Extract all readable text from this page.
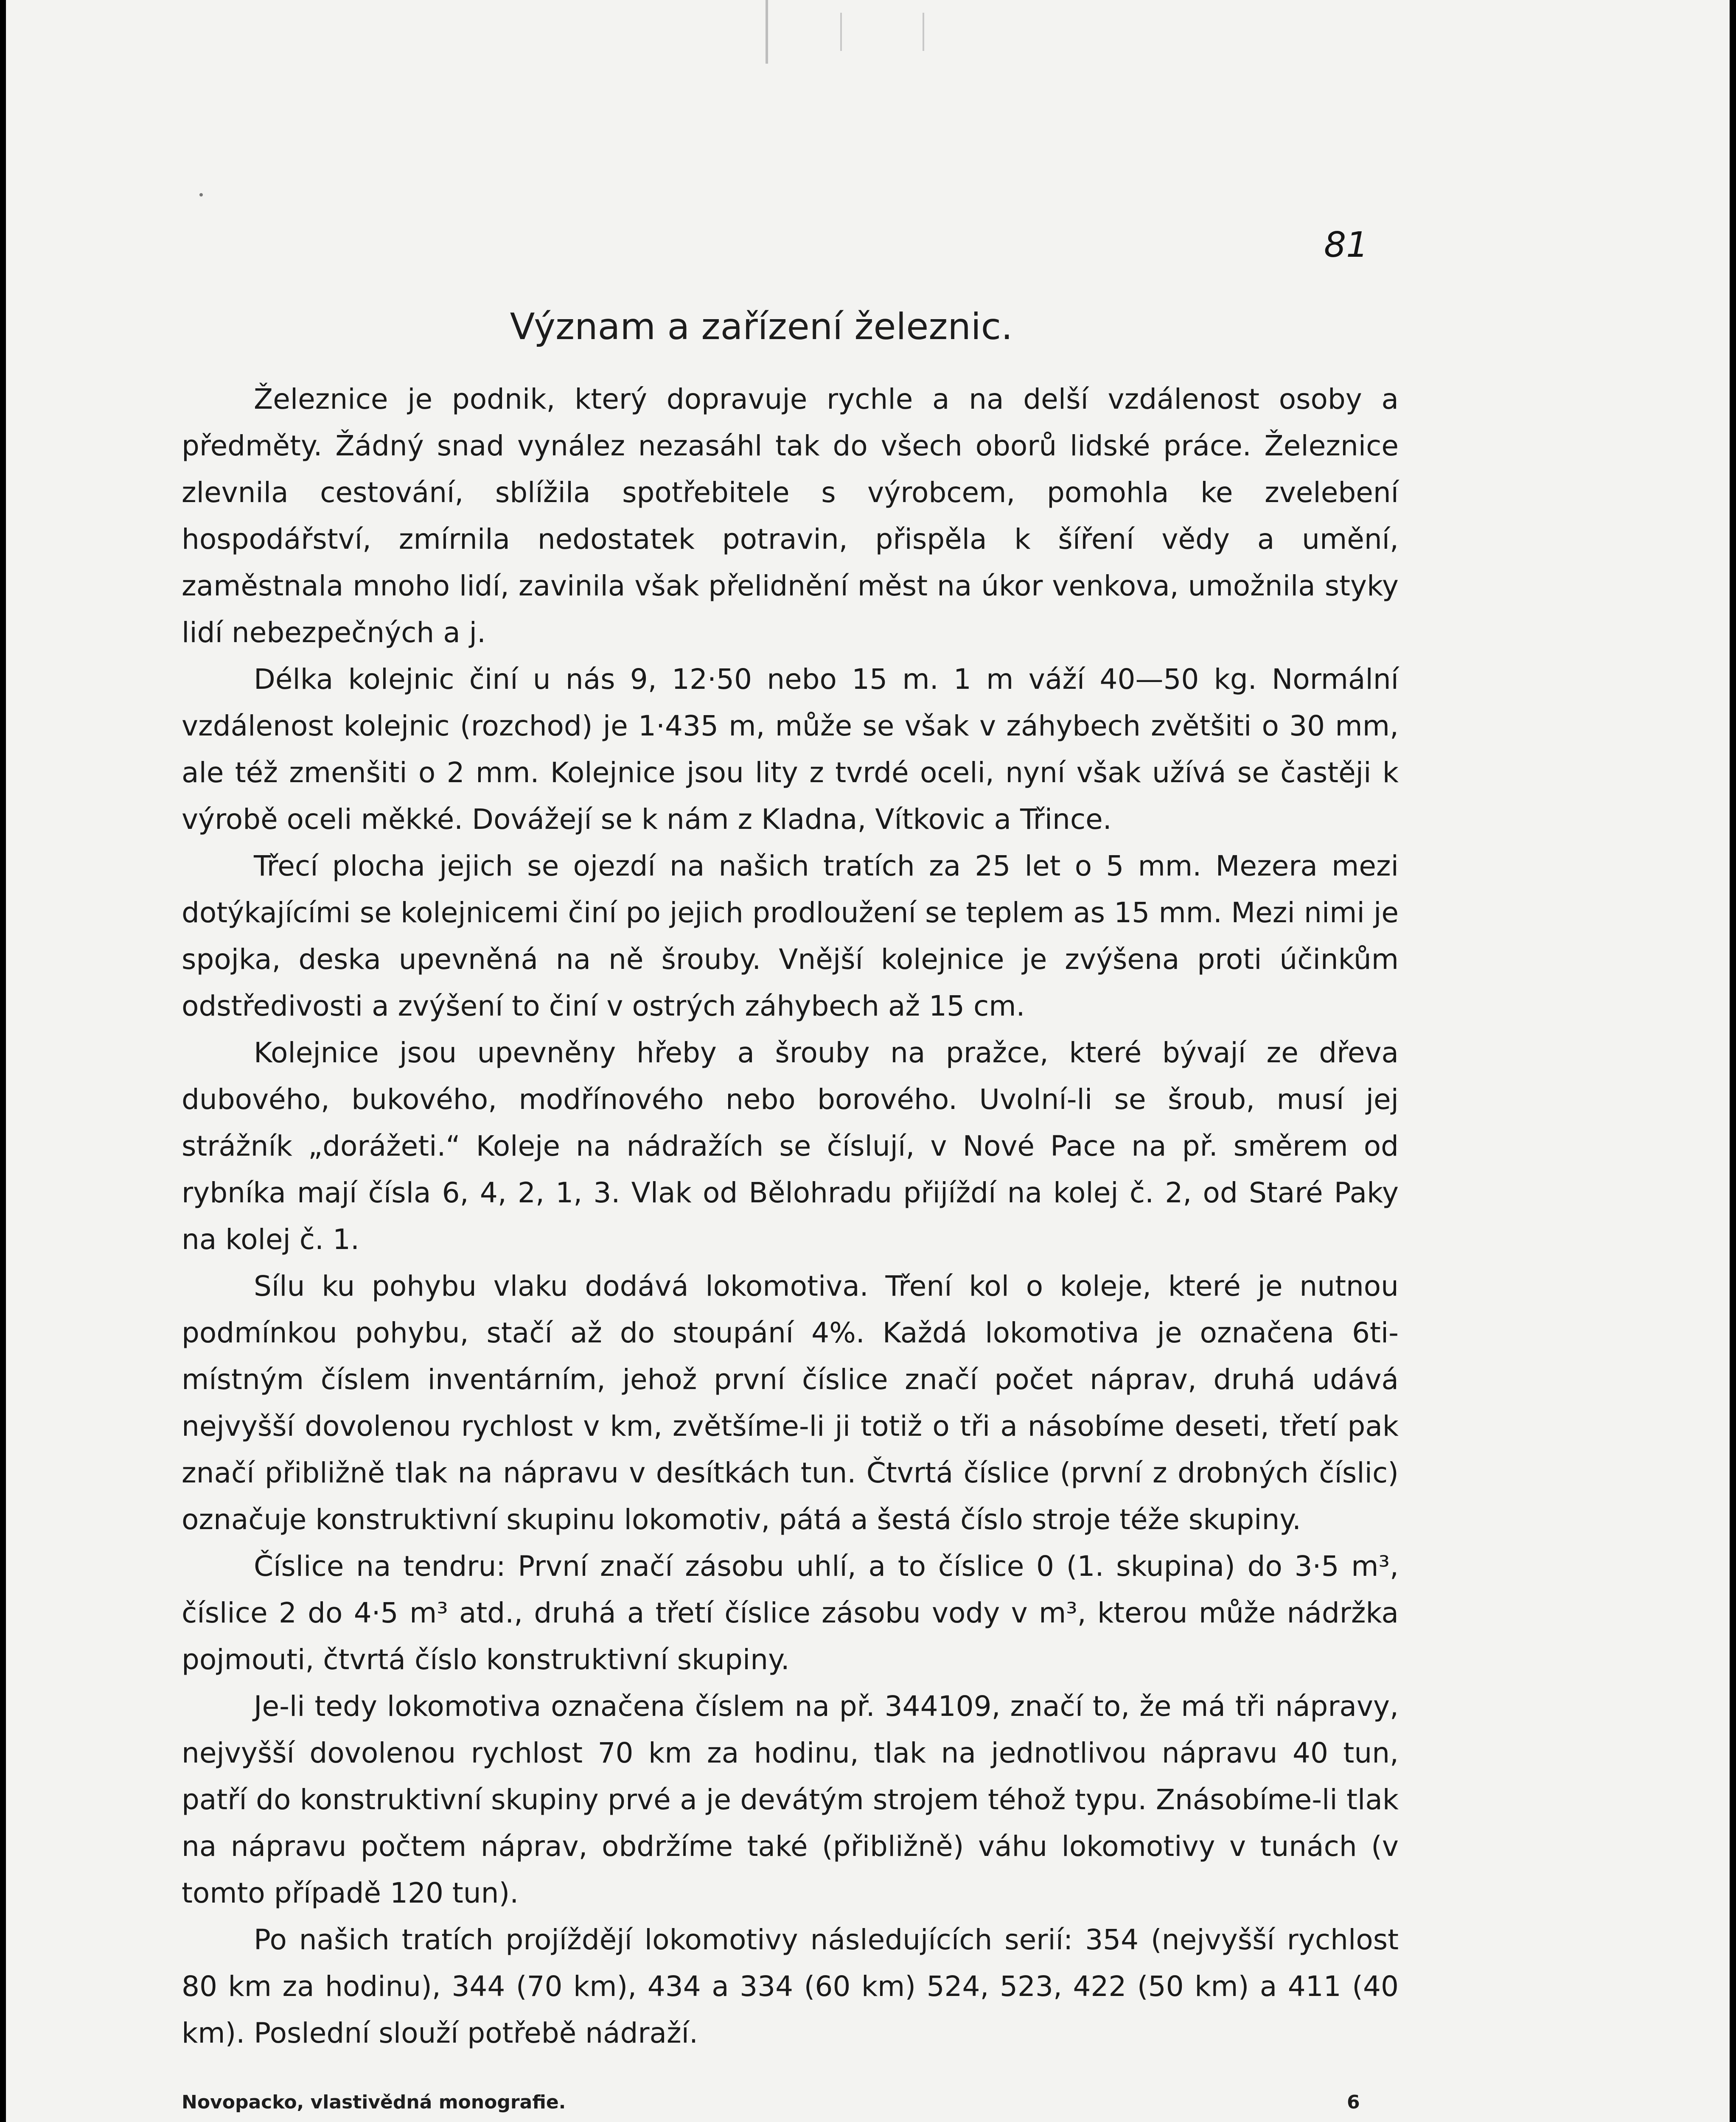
81

Význam a zařízení železnic.

Železnice je podnik, který dopravuje rychle a na delší vzdálenost osoby a předměty. Žádný snad vynález nezasáhl tak do všech oborů lidské práce. Železnice zlevnila cestování, sblížila spotřebitele s výrobcem, pomohla ke zvelebení hospodářství, zmírnila nedostatek potravin, přispěla k šíření vědy a umění, zaměstnala mnoho lidí, zavinila však přelidnění měst na úkor venkova, umožnila styky lidí nebezpečných a j.

Délka kolejnic činí u nás 9, 12·50 nebo 15 m. 1 m váží 40—50 kg. Normální vzdálenost kolejnic (rozchod) je 1·435 m, může se však v záhybech zvětšiti o 30 mm, ale též zmenšiti o 2 mm. Kolejnice jsou lity z tvrdé oceli, nyní však užívá se častěji k výrobě oceli měkké. Dovážejí se k nám z Kladna, Vítkovic a Třince.

Třecí plocha jejich se ojezdí na našich tratích za 25 let o 5 mm. Mezera mezi dotýkajícími se kolejnicemi činí po jejich prodloužení se teplem as 15 mm. Mezi nimi je spojka, deska upevněná na ně šrouby. Vnější kolejnice je zvýšena proti účinkům odstředivosti a zvýšení to činí v ostrých záhybech až 15 cm.

Kolejnice jsou upevněny hřeby a šrouby na pražce, které bývají ze dřeva dubového, bukového, modřínového nebo borového. Uvolní-li se šroub, musí jej strážník „dorážeti.“ Koleje na nádražích se číslují, v Nové Pace na př. směrem od rybníka mají čísla 6, 4, 2, 1, 3. Vlak od Bělohradu přijíždí na kolej č. 2, od Staré Paky na kolej č. 1.

Sílu ku pohybu vlaku dodává lokomotiva. Tření kol o koleje, které je nutnou podmínkou pohybu, stačí až do stoupání 4%. Každá lokomotiva je označena 6ti-místným číslem inventárním, jehož první číslice značí počet náprav, druhá udává nejvyšší dovolenou rychlost v km, zvětšíme-li ji totiž o tři a násobíme deseti, třetí pak značí přibližně tlak na nápravu v desítkách tun. Čtvrtá číslice (první z drobných číslic) označuje konstruktivní skupinu lokomotiv, pátá a šestá číslo stroje téže skupiny.

Číslice na tendru: První značí zásobu uhlí, a to číslice 0 (1. skupina) do 3·5 m³, číslice 2 do 4·5 m³ atd., druhá a třetí číslice zásobu vody v m³, kterou může nádržka pojmouti, čtvrtá číslo konstruktivní skupiny.

Je-li tedy lokomotiva označena číslem na př. 344109, značí to, že má tři nápravy, nejvyšší dovolenou rychlost 70 km za hodinu, tlak na jednotlivou nápravu 40 tun, patří do konstruktivní skupiny prvé a je devátým strojem téhož typu. Znásobíme-li tlak na nápravu počtem náprav, obdržíme také (přibližně) váhu lokomotivy v tunách (v tomto případě 120 tun).

Po našich tratích projíždějí lokomotivy následujících serií: 354 (nejvyšší rychlost 80 km za hodinu), 344 (70 km), 434 a 334 (60 km) 524, 523, 422 (50 km) a 411 (40 km). Poslední slouží potřebě nádraží.

Novopacko, vlastivědná monografie.	6
